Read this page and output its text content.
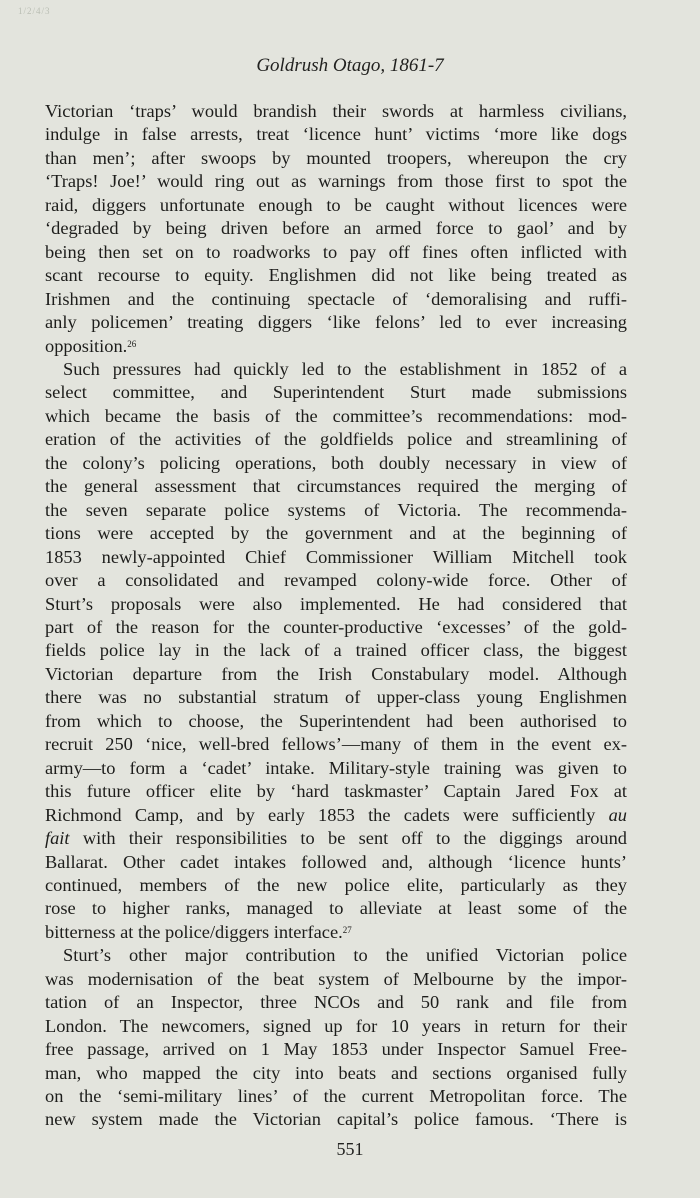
1/2/4/3
Goldrush Otago, 1861-7
Victorian ‘traps’ would brandish their swords at harmless civilians,
indulge in false arrests, treat ‘licence hunt’ victims ‘more like dogs
than men’; after swoops by mounted troopers, whereupon the cry
‘Traps! Joe!’ would ring out as warnings from those first to spot the
raid, diggers unfortunate enough to be caught without licences were
‘degraded by being driven before an armed force to gaol’ and by
being then set on to roadworks to pay off fines often inflicted with
scant recourse to equity. Englishmen did not like being treated as
Irishmen and the continuing spectacle of ‘demoralising and ruffi-
anly policemen’ treating diggers ‘like felons’ led to ever increasing
opposition.$^{26}$
Such pressures had quickly led to the establishment in 1852 of a
select committee, and Superintendent Sturt made submissions
which became the basis of the committee’s recommendations: mod-
eration of the activities of the goldfields police and streamlining of
the colony’s policing operations, both doubly necessary in view of
the general assessment that circumstances required the merging of
the seven separate police systems of Victoria. The recommenda-
tions were accepted by the government and at the beginning of
1853 newly-appointed Chief Commissioner William Mitchell took
over a consolidated and revamped colony-wide force. Other of
Sturt’s proposals were also implemented. He had considered that
part of the reason for the counter-productive ‘excesses’ of the gold-
fields police lay in the lack of a trained officer class, the biggest
Victorian departure from the Irish Constabulary model. Although
there was no substantial stratum of upper-class young Englishmen
from which to choose, the Superintendent had been authorised to
recruit 250 ‘nice, well-bred fellows’—many of them in the event ex-
army—to form a ‘cadet’ intake. Military-style training was given to
this future officer elite by ‘hard taskmaster’ Captain Jared Fox at
Richmond Camp, and by early 1853 the cadets were sufficiently au
fait with their responsibilities to be sent off to the diggings around
Ballarat. Other cadet intakes followed and, although ‘licence hunts’
continued, members of the new police elite, particularly as they
rose to higher ranks, managed to alleviate at least some of the
bitterness at the police/diggers interface.$^{27}$
Sturt’s other major contribution to the unified Victorian police
was modernisation of the beat system of Melbourne by the impor-
tation of an Inspector, three NCOs and 50 rank and file from
London. The newcomers, signed up for 10 years in return for their
free passage, arrived on 1 May 1853 under Inspector Samuel Free-
man, who mapped the city into beats and sections organised fully
on the ‘semi-military lines’ of the current Metropolitan force. The
new system made the Victorian capital’s police famous. ‘There is
551
